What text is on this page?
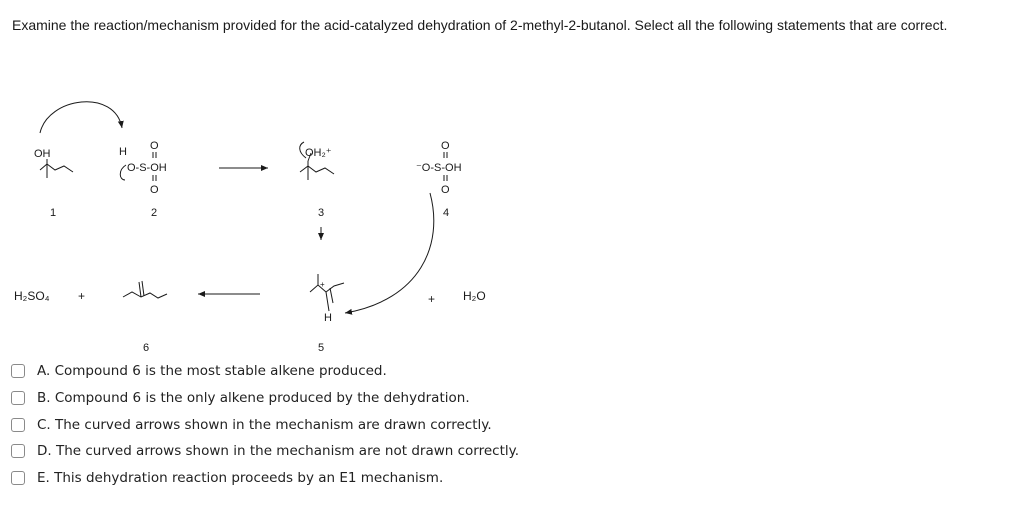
Examine the reaction/mechanism provided for the acid-catalyzed dehydration of 2-methyl-2-butanol. Select all the following statements that are correct.
OH
1
H O
O-S-OH
O
2
OH₂⁺
3
O
⁻O-S-OH
O
4
+
H
5
6
H₂SO₄ +	+ H₂O
A. Compound 6 is the most stable alkene produced.
B. Compound 6 is the only alkene produced by the dehydration.
C. The curved arrows shown in the mechanism are drawn correctly.
D. The curved arrows shown in the mechanism are not drawn correctly.
E. This dehydration reaction proceeds by an E1 mechanism.
